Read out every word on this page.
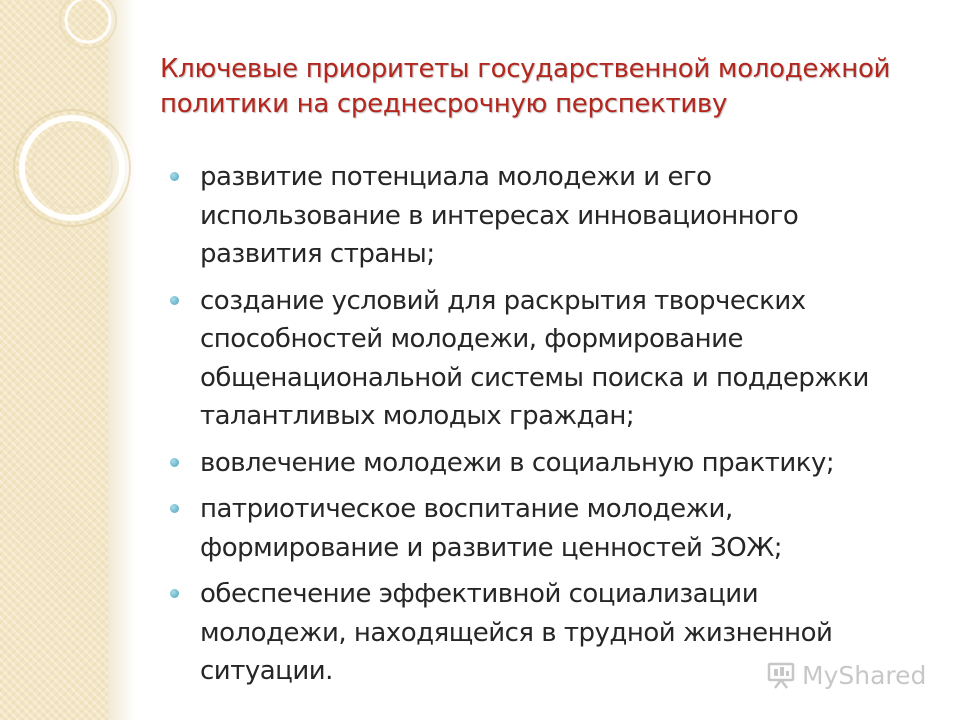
Ключевые приоритеты государственной молодежной политики на среднесрочную перспективу
развитие потенциала молодежи и его использование в интересах инновационного развития страны;
создание условий для раскрытия творческих способностей молодежи, формирование общенациональной системы поиска и поддержки талантливых молодых граждан;
вовлечение молодежи в социальную практику;
патриотическое воспитание молодежи, формирование и развитие ценностей ЗОЖ;
обеспечение эффективной социализации молодежи, находящейся в трудной жизненной ситуации.	MyShared
